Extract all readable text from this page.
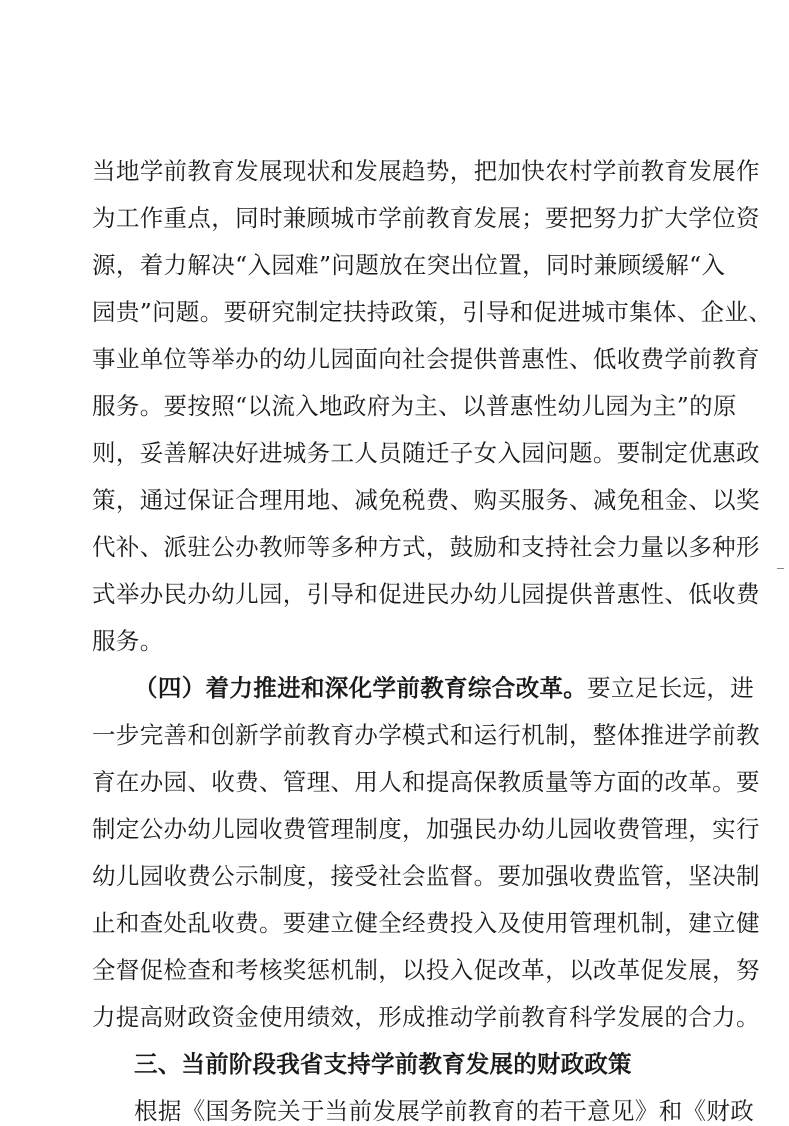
当地学前教育发展现状和发展趋势，把加快农村学前教育发展作
为工作重点，同时兼顾城市学前教育发展；要把努力扩大学位资
源，着力解决“入园难”问题放在突出位置，同时兼顾缓解“入
园贵”问题。要研究制定扶持政策，引导和促进城市集体、企业、
事业单位等举办的幼儿园面向社会提供普惠性、低收费学前教育
服务。要按照“以流入地政府为主、以普惠性幼儿园为主”的原
则，妥善解决好进城务工人员随迁子女入园问题。要制定优惠政
策，通过保证合理用地、减免税费、购买服务、减免租金、以奖
代补、派驻公办教师等多种方式，鼓励和支持社会力量以多种形
式举办民办幼儿园，引导和促进民办幼儿园提供普惠性、低收费
服务。
（四）着力推进和深化学前教育综合改革。要立足长远，进
一步完善和创新学前教育办学模式和运行机制，整体推进学前教
育在办园、收费、管理、用人和提高保教质量等方面的改革。要
制定公办幼儿园收费管理制度，加强民办幼儿园收费管理，实行
幼儿园收费公示制度，接受社会监督。要加强收费监管，坚决制
止和查处乱收费。要建立健全经费投入及使用管理机制，建立健
全督促检查和考核奖惩机制，以投入促改革，以改革促发展，努
力提高财政资金使用绩效，形成推动学前教育科学发展的合力。
三、当前阶段我省支持学前教育发展的财政政策
根据《国务院关于当前发展学前教育的若干意见》和《财政
